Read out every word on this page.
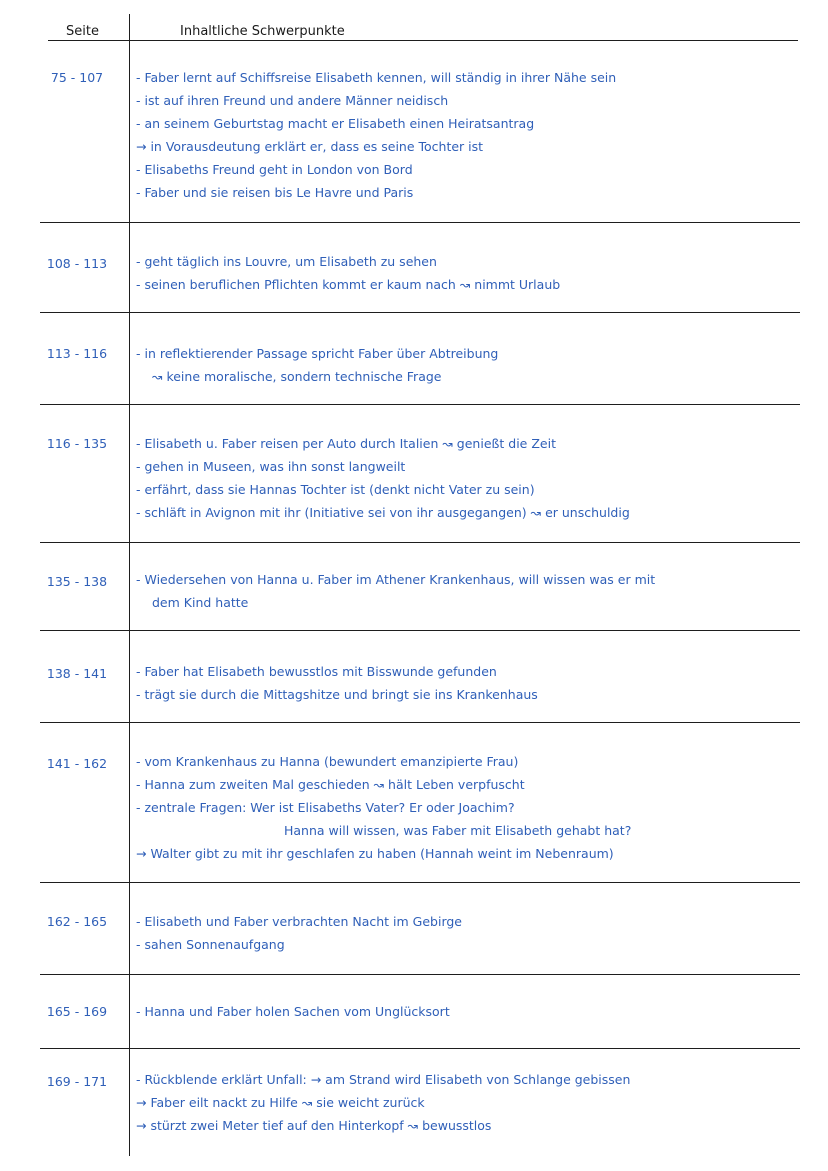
Seite	Inhaltliche Schwerpunkte
75 - 107	- Faber lernt auf Schiffsreise Elisabeth kennen, will ständig in ihrer Nähe sein
- ist auf ihren Freund und andere Männer neidisch
- an seinem Geburtstag macht er Elisabeth einen Heiratsantrag
→ in Vorausdeutung erklärt er, dass es seine Tochter ist
- Elisabeths Freund geht in London von Bord
- Faber und sie reisen bis Le Havre und Paris
108 - 113	- geht täglich ins Louvre, um Elisabeth zu sehen
- seinen beruflichen Pflichten kommt er kaum nach ↝ nimmt Urlaub
113 - 116	- in reflektierender Passage spricht Faber über Abtreibung
↝ keine moralische, sondern technische Frage
116 - 135	- Elisabeth u. Faber reisen per Auto durch Italien ↝ genießt die Zeit
- gehen in Museen, was ihn sonst langweilt
- erfährt, dass sie Hannas Tochter ist (denkt nicht Vater zu sein)
- schläft in Avignon mit ihr (Initiative sei von ihr ausgegangen) ↝ er unschuldig
135 - 138	- Wiedersehen von Hanna u. Faber im Athener Krankenhaus, will wissen was er mit
dem Kind hatte
138 - 141	- Faber hat Elisabeth bewusstlos mit Bisswunde gefunden
- trägt sie durch die Mittagshitze und bringt sie ins Krankenhaus
141 - 162	- vom Krankenhaus zu Hanna (bewundert emanzipierte Frau)
- Hanna zum zweiten Mal geschieden ↝ hält Leben verpfuscht
- zentrale Fragen: Wer ist Elisabeths Vater? Er oder Joachim?
Hanna will wissen, was Faber mit Elisabeth gehabt hat?
→ Walter gibt zu mit ihr geschlafen zu haben (Hannah weint im Nebenraum)
162 - 165	- Elisabeth und Faber verbrachten Nacht im Gebirge
- sahen Sonnenaufgang
165 - 169	- Hanna und Faber holen Sachen vom Unglücksort
169 - 171	- Rückblende erklärt Unfall: → am Strand wird Elisabeth von Schlange gebissen
→ Faber eilt nackt zu Hilfe ↝ sie weicht zurück
→ stürzt zwei Meter tief auf den Hinterkopf ↝ bewusstlos
